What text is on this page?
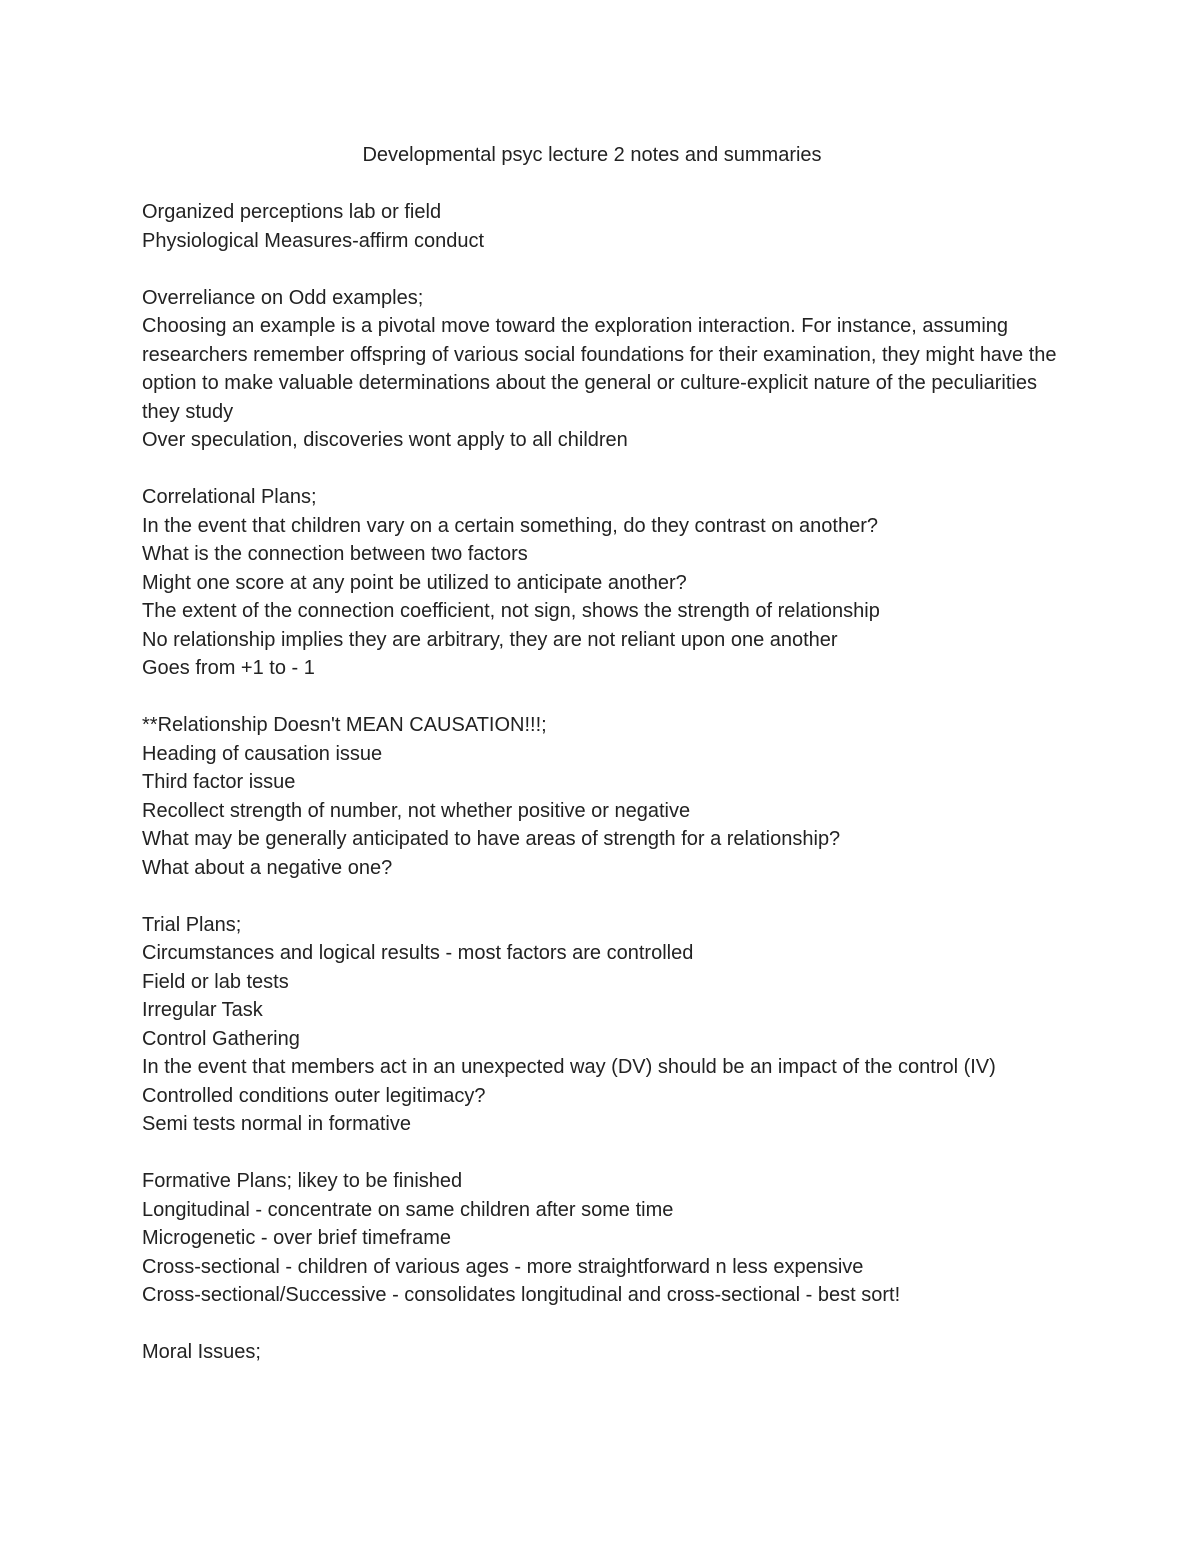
Developmental psyc lecture 2 notes and summaries

Organized perceptions lab or field

Physiological Measures-affirm conduct

Overreliance on Odd examples;

Choosing an example is a pivotal move toward the exploration interaction. For instance, assuming researchers remember offspring of various social foundations for their examination, they might have the option to make valuable determinations about the general or culture-explicit nature of the peculiarities they study

Over speculation, discoveries wont apply to all children

Correlational Plans;

In the event that children vary on a certain something, do they contrast on another?

What is the connection between two factors

Might one score at any point be utilized to anticipate another?

The extent of the connection coefficient, not sign, shows the strength of relationship

No relationship implies they are arbitrary, they are not reliant upon one another

Goes from +1 to - 1

**Relationship Doesn't MEAN CAUSATION!!!;

Heading of causation issue

Third factor issue

Recollect strength of number, not whether positive or negative

What may be generally anticipated to have areas of strength for a relationship?

What about a negative one?

Trial Plans;

Circumstances and logical results - most factors are controlled

Field or lab tests

Irregular Task

Control Gathering

In the event that members act in an unexpected way (DV) should be an impact of the control (IV)

Controlled conditions outer legitimacy?

Semi tests normal in formative

Formative Plans; likey to be finished

Longitudinal - concentrate on same children after some time

Microgenetic - over brief timeframe

Cross-sectional - children of various ages - more straightforward n less expensive

Cross-sectional/Successive - consolidates longitudinal and cross-sectional - best sort!

Moral Issues;
